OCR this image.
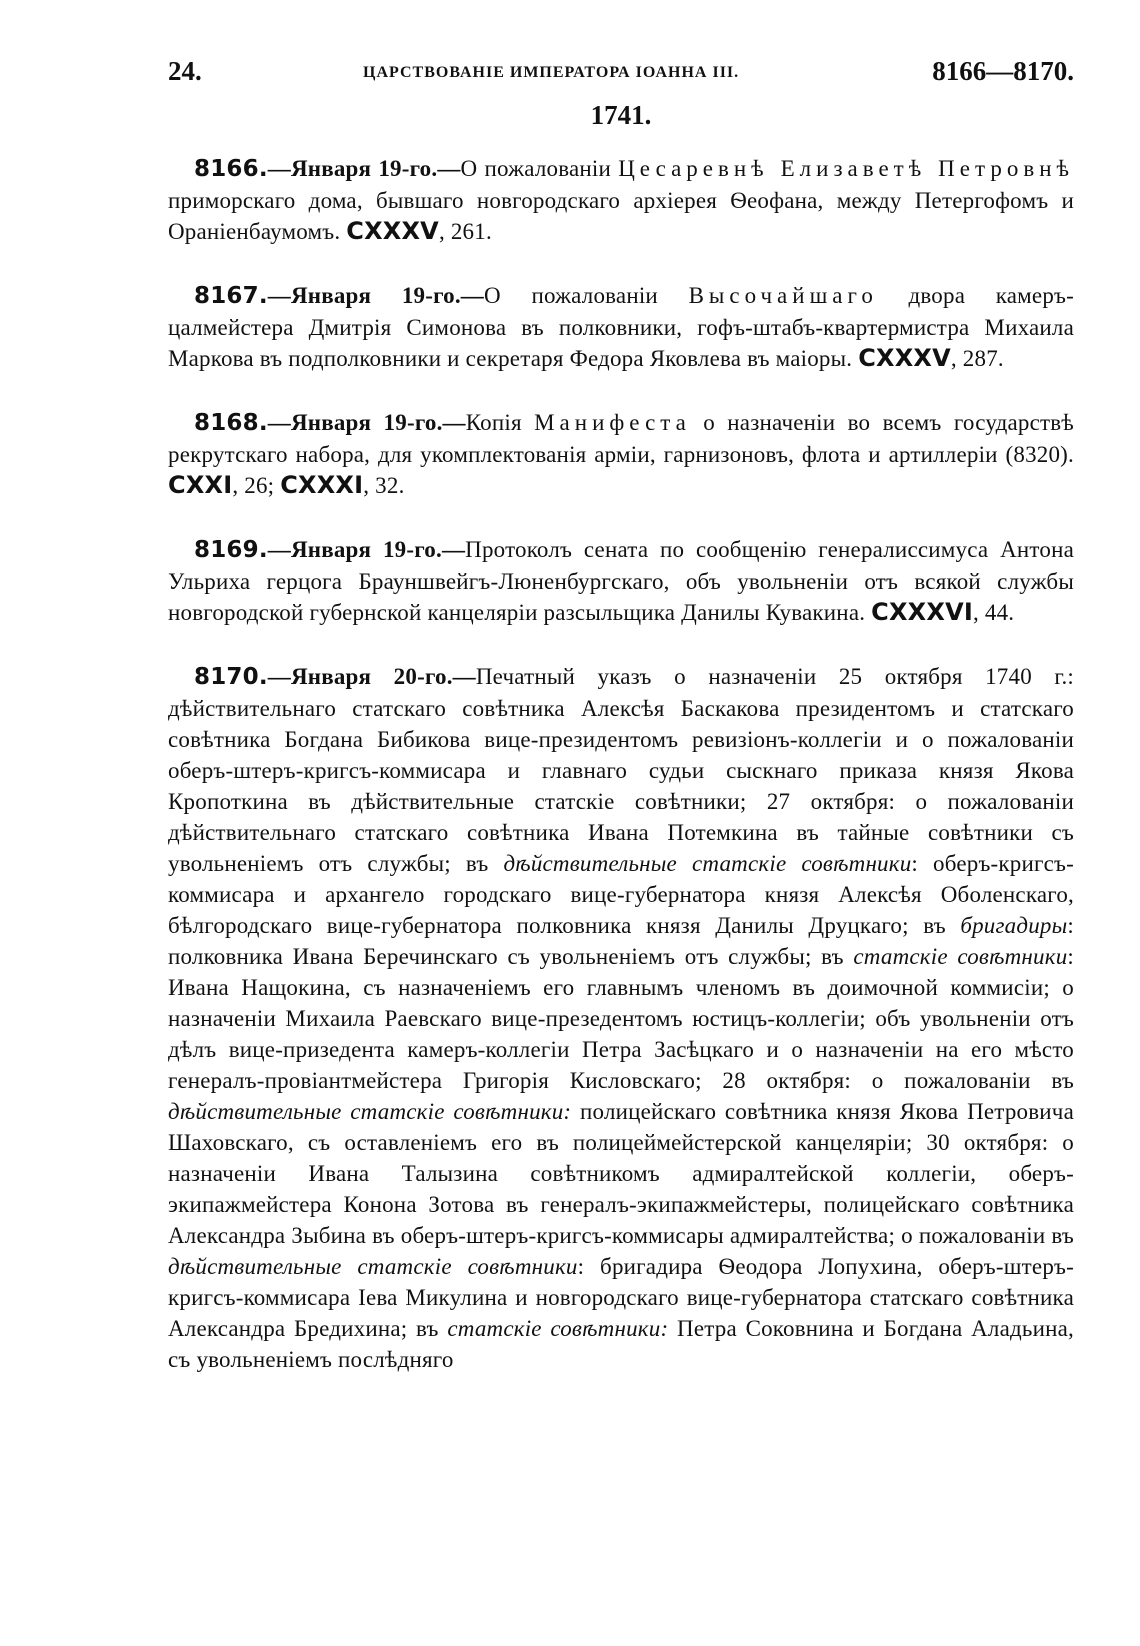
24.	ЦАРСТВОВАНІЕ ИМПЕРАТОРА ІОАННА III.	8166—8170.
1741.

8166.—Января 19-го.—О пожалованіи Цесаревнѣ Елизаветѣ Петровнѣ приморскаго дома, бывшаго новгородскаго архіерея Ѳеофана, между Петергофомъ и Ораніенбаумомъ. CXXXV, 261.

8167.—Января 19-го.—О пожалованіи Высочайшаго двора камеръ-цалмейстера Дмитрія Симонова въ полковники, гофъ-штабъ-квартермистра Михаила Маркова въ подполковники и секретаря Федора Яковлева въ маіоры. CXXXV, 287.

8168.—Января 19-го.—Копія Манифеста о назначеніи во всемъ государствѣ рекрутскаго набора, для укомплектованія арміи, гарнизоновъ, флота и артиллеріи (8320). CXXI, 26; CXXXI, 32.

8169.—Января 19-го.—Протоколъ сената по сообщенію генералиссимуса Антона Ульриха герцога Брауншвейгъ-Люненбургскаго, объ увольненіи отъ всякой службы новгородской губернской канцеляріи разсыльщика Данилы Кувакина. CXXXVI, 44.

8170.—Января 20-го.—Печатный указъ о назначеніи 25 октября 1740 г.: дѣйствительнаго статскаго совѣтника Алексѣя Баскакова президентомъ и статскаго совѣтника Богдана Бибикова вице-президентомъ ревизіонъ-коллегіи и о пожалованіи оберъ-штеръ-кригсъ-коммисара и главнаго судьи сыскнаго приказа князя Якова Кропоткина въ дѣйствительные статскіе совѣтники; 27 октября: о пожалованіи дѣйствительнаго статскаго совѣтника Ивана Потемкина въ тайные совѣтники съ увольненіемъ отъ службы; въ дѣйствительные статскіе совѣтники: оберъ-кригсъ-коммисара и архангело городскаго вице-губернатора князя Алексѣя Оболенскаго, бѣлгородскаго вице-губернатора полковника князя Данилы Друцкаго; въ бригадиры: полковника Ивана Беречинскаго съ увольненіемъ отъ службы; въ статскіе совѣтники: Ивана Нащокина, съ назначеніемъ его главнымъ членомъ въ доимочной коммисіи; о назначеніи Михаила Раевскаго вице-презедентомъ юстицъ-коллегіи; объ увольненіи отъ дѣлъ вице-призедента камеръ-коллегіи Петра Засѣцкаго и о назначеніи на его мѣсто генералъ-провіантмейстера Григорія Кисловскаго; 28 октября: о пожалованіи въ дѣйствительные статскіе совѣтники: полицейскаго совѣтника князя Якова Петровича Шаховскаго, съ оставленіемъ его въ полицеймейстерской канцеляріи; 30 октября: о назначеніи Ивана Талызина совѣтникомъ адмиралтейской коллегіи, оберъ-экипажмейстера Конона Зотова въ генералъ-экипажмейстеры, полицейскаго совѣтника Александра Зыбина въ оберъ-штеръ-кригсъ-коммисары адмиралтейства; о пожалованіи въ дѣйствительные статскіе совѣтники: бригадира Ѳеодора Лопухина, оберъ-штеръ-кригсъ-коммисара Іева Микулина и новгородскаго вице-губернатора статскаго совѣтника Александра Бредихина; въ статскіе совѣтники: Петра Соковнина и Богдана Аладьина, съ увольненіемъ послѣдняго
